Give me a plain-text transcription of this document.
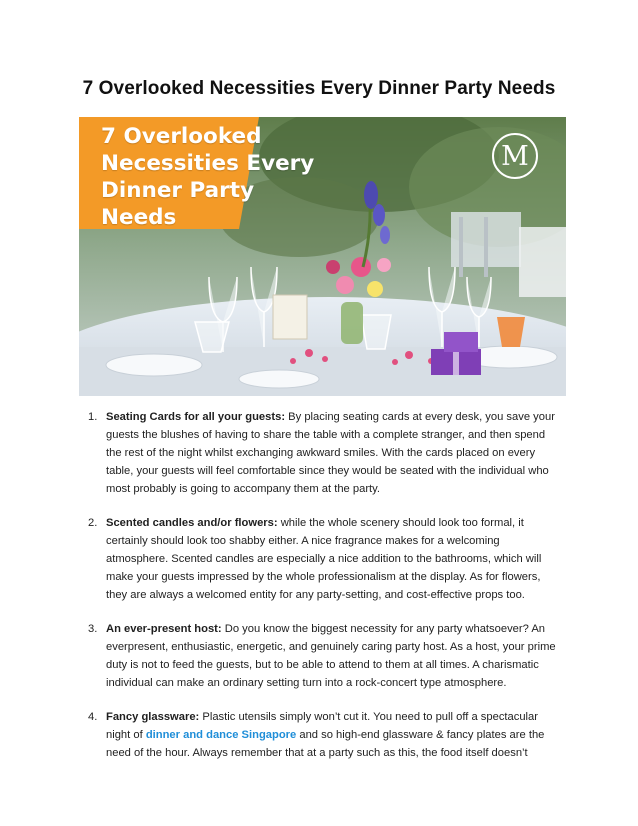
7 Overlooked Necessities Every Dinner Party Needs
7 Overlooked
Necessities Every
Dinner Party
Needs
M
1. Seating Cards for all your guests: By placing seating cards at every desk, you save your guests the blushes of having to share the table with a complete stranger, and then spend the rest of the night whilst exchanging awkward smiles. With the cards placed on every table, your guests will feel comfortable since they would be seated with the individual who most probably is going to accompany them at the party.
2. Scented candles and/or flowers: while the whole scenery should look too formal, it certainly should look too shabby either. A nice fragrance makes for a welcoming atmosphere. Scented candles are especially a nice addition to the bathrooms, which will make your guests impressed by the whole professionalism at the display. As for flowers, they are always a welcomed entity for any party-setting, and cost-effective props too.
3. An ever-present host: Do you know the biggest necessity for any party whatsoever? An everpresent, enthusiastic, energetic, and genuinely caring party host. As a host, your prime duty is not to feed the guests, but to be able to attend to them at all times. A charismatic individual can make an ordinary setting turn into a rock-concert type atmosphere.
4. Fancy glassware: Plastic utensils simply won’t cut it. You need to pull off a spectacular night of dinner and dance Singapore and so high-end glassware & fancy plates are the need of the hour. Always remember that at a party such as this, the food itself doesn’t
